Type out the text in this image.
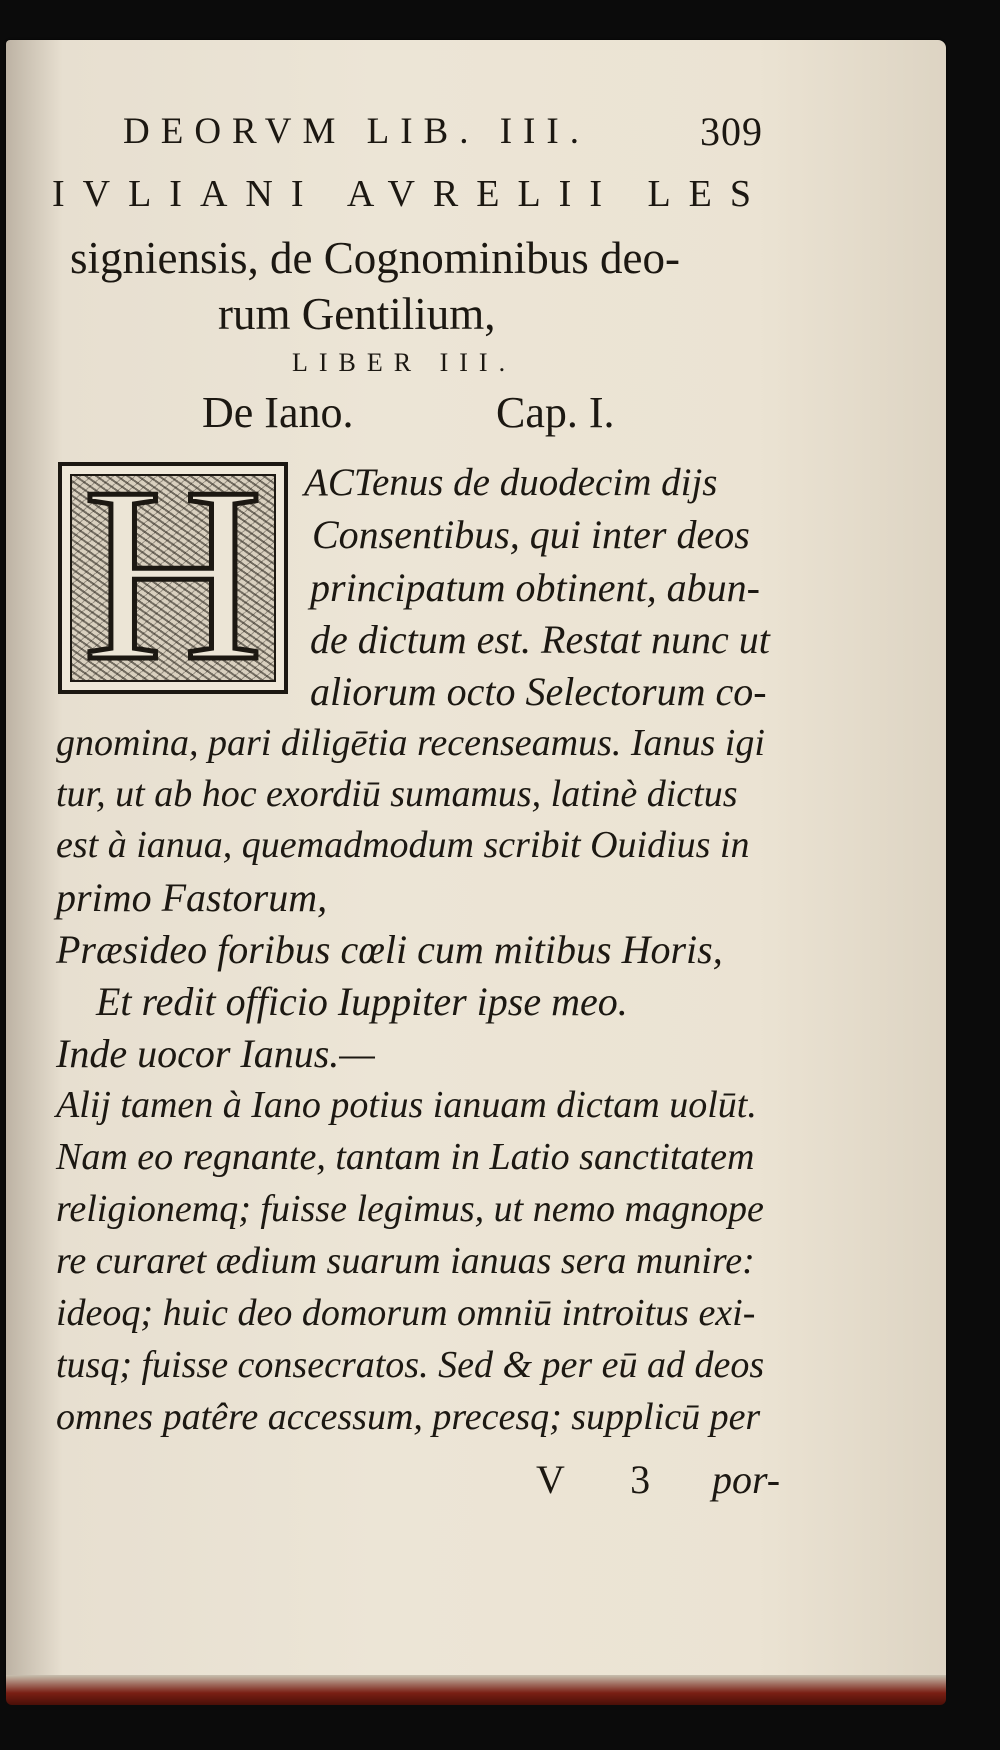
DEORVM LIB. III.	309
IVLIANI AVRELII LES
signiensis, de Cognominibus deo-
rum Gentilium,
LIBER III.
De Iano.	Cap. I.
H	ACTenus de duodecim dijs
Consentibus, qui inter deos
principatum obtinent, abun-
de dictum est. Restat nunc ut
aliorum octo Selectorum co-
gnomina, pari diligētia recenseamus. Ianus igi
tur, ut ab hoc exordiū sumamus, latinè dictus
est à ianua, quemadmodum scribit Ouidius in
primo Fastorum,
Præsideo foribus cœli cum mitibus Horis,
Et redit officio Iuppiter ipse meo.
Inde uocor Ianus.—
Alij tamen à Iano potius ianuam dictam uolūt.
Nam eo regnante, tantam in Latio sanctitatem
religionemq; fuisse legimus, ut nemo magnope
re curaret ædium suarum ianuas sera munire:
ideoq; huic deo domorum omniū introitus exi-
tusq; fuisse consecratos. Sed & per eū ad deos
omnes patêre accessum, precesq; supplicū per
V 3 por-
